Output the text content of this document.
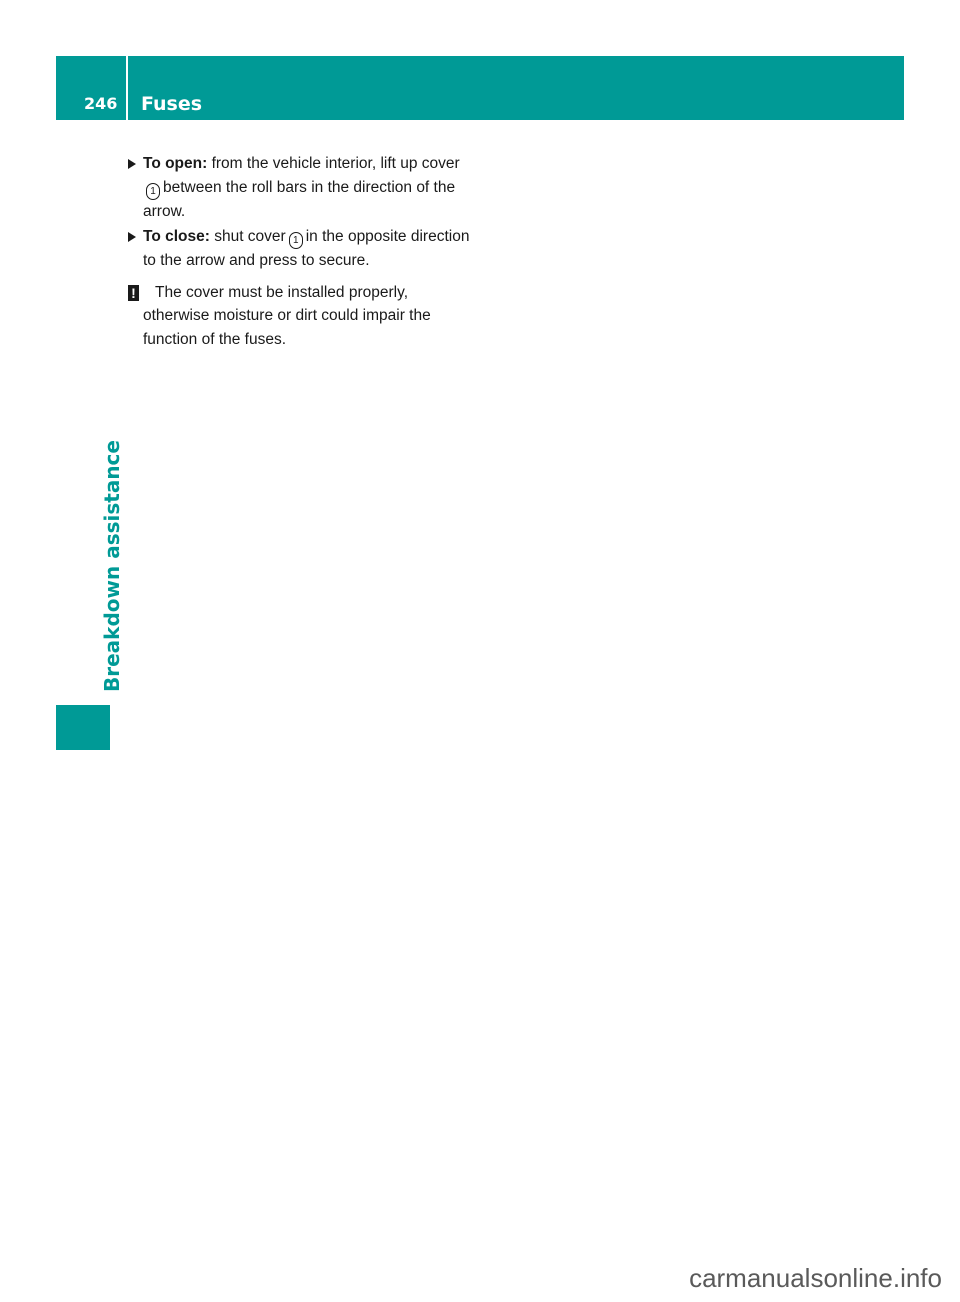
246 Fuses
Breakdown assistance
To open: from the vehicle interior, lift up cover1 between the roll bars in the direction of the arrow.
To close: shut cover 1 in the opposite direction to the arrow and press to secure.
!	The cover must be installed properly, otherwise moisture or dirt could impair the function of the fuses.
carmanualsonline.info
